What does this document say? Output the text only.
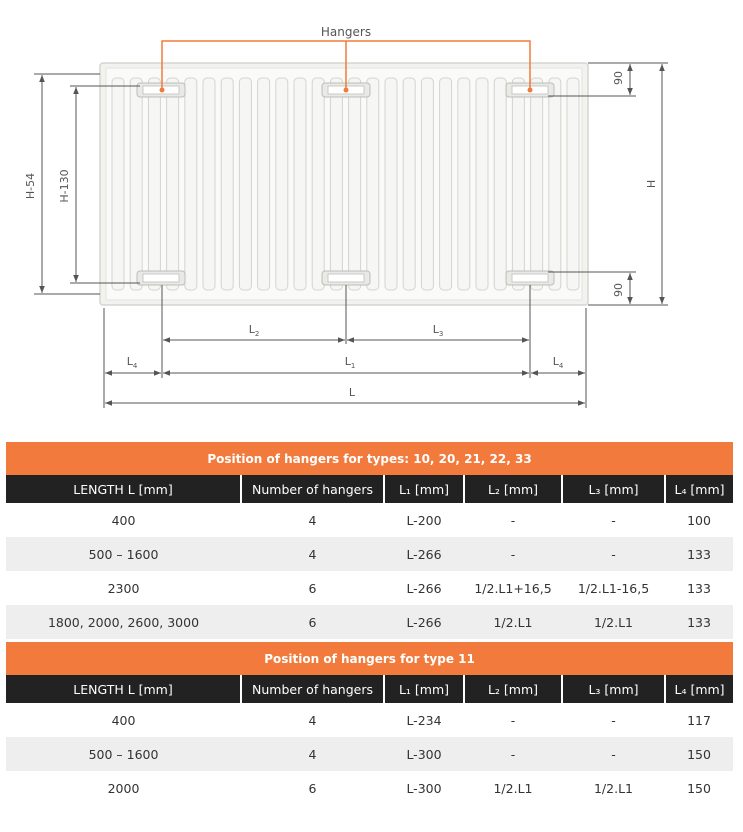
Hangers
H-54 H-130	H
90
90
$L_2$	$L_3$
$L_4$	$L_1$	$L_4$
L
Position of hangers for types: 10, 20, 21, 22, 33					
LENGTH L [mm]	Number of hangers	L₁ [mm]	L₂ [mm]	L₃ [mm]	L₄ [mm]
400	4	L-200	-	-	100
500 – 1600	4	L-266	-	-	133
2300	6	L-266	1/2.L1+16,5	1/2.L1-16,5	133
1800, 2000, 2600, 3000	6	L-266	1/2.L1	1/2.L1	133
Position of hangers for type 11					
LENGTH L [mm]	Number of hangers	L₁ [mm]	L₂ [mm]	L₃ [mm]	L₄ [mm]
400	4	L-234	-	-	117
500 – 1600	4	L-300	-	-	150
2000	6	L-300	1/2.L1	1/2.L1	150
